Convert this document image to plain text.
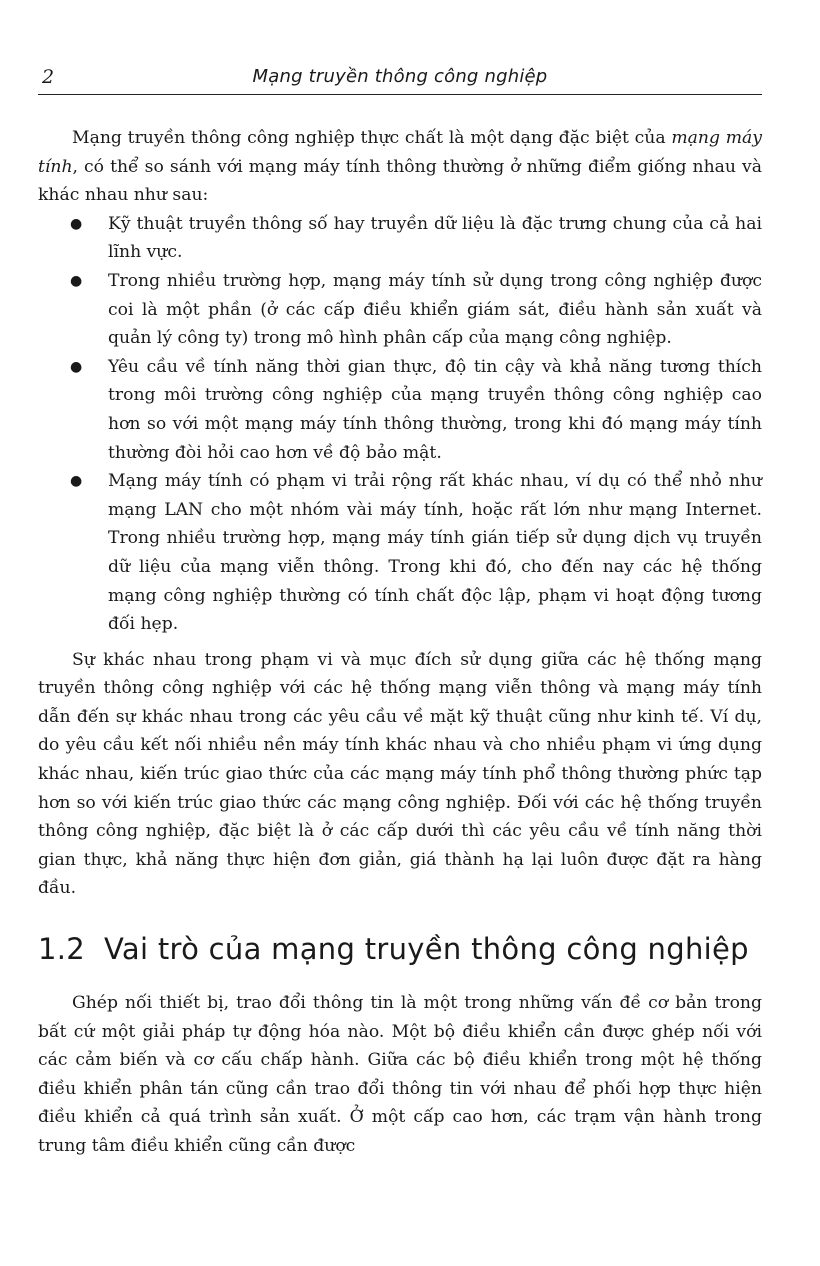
2	Mạng truyền thông công nghiệp

Mạng truyền thông công nghiệp thực chất là một dạng đặc biệt của mạng máy tính, có thể so sánh với mạng máy tính thông thường ở những điểm giống nhau và khác nhau như sau:

● Kỹ thuật truyền thông số hay truyền dữ liệu là đặc trưng chung của cả hai lĩnh vực.
● Trong nhiều trường hợp, mạng máy tính sử dụng trong công nghiệp được coi là một phần (ở các cấp điều khiển giám sát, điều hành sản xuất và quản lý công ty) trong mô hình phân cấp của mạng công nghiệp.
● Yêu cầu về tính năng thời gian thực, độ tin cậy và khả năng tương thích trong môi trường công nghiệp của mạng truyền thông công nghiệp cao hơn so với một mạng máy tính thông thường, trong khi đó mạng máy tính thường đòi hỏi cao hơn về độ bảo mật.
● Mạng máy tính có phạm vi trải rộng rất khác nhau, ví dụ có thể nhỏ như mạng LAN cho một nhóm vài máy tính, hoặc rất lớn như mạng Internet. Trong nhiều trường hợp, mạng máy tính gián tiếp sử dụng dịch vụ truyền dữ liệu của mạng viễn thông. Trong khi đó, cho đến nay các hệ thống mạng công nghiệp thường có tính chất độc lập, phạm vi hoạt động tương đối hẹp.

Sự khác nhau trong phạm vi và mục đích sử dụng giữa các hệ thống mạng truyền thông công nghiệp với các hệ thống mạng viễn thông và mạng máy tính dẫn đến sự khác nhau trong các yêu cầu về mặt kỹ thuật cũng như kinh tế. Ví dụ, do yêu cầu kết nối nhiều nền máy tính khác nhau và cho nhiều phạm vi ứng dụng khác nhau, kiến trúc giao thức của các mạng máy tính phổ thông thường phức tạp hơn so với kiến trúc giao thức các mạng công nghiệp. Đối với các hệ thống truyền thông công nghiệp, đặc biệt là ở các cấp dưới thì các yêu cầu về tính năng thời gian thực, khả năng thực hiện đơn giản, giá thành hạ lại luôn được đặt ra hàng đầu.

1.2 Vai trò của mạng truyền thông công nghiệp

Ghép nối thiết bị, trao đổi thông tin là một trong những vấn đề cơ bản trong bất cứ một giải pháp tự động hóa nào. Một bộ điều khiển cần được ghép nối với các cảm biến và cơ cấu chấp hành. Giữa các bộ điều khiển trong một hệ thống điều khiển phân tán cũng cần trao đổi thông tin với nhau để phối hợp thực hiện điều khiển cả quá trình sản xuất. Ở một cấp cao hơn, các trạm vận hành trong trung tâm điều khiển cũng cần được
